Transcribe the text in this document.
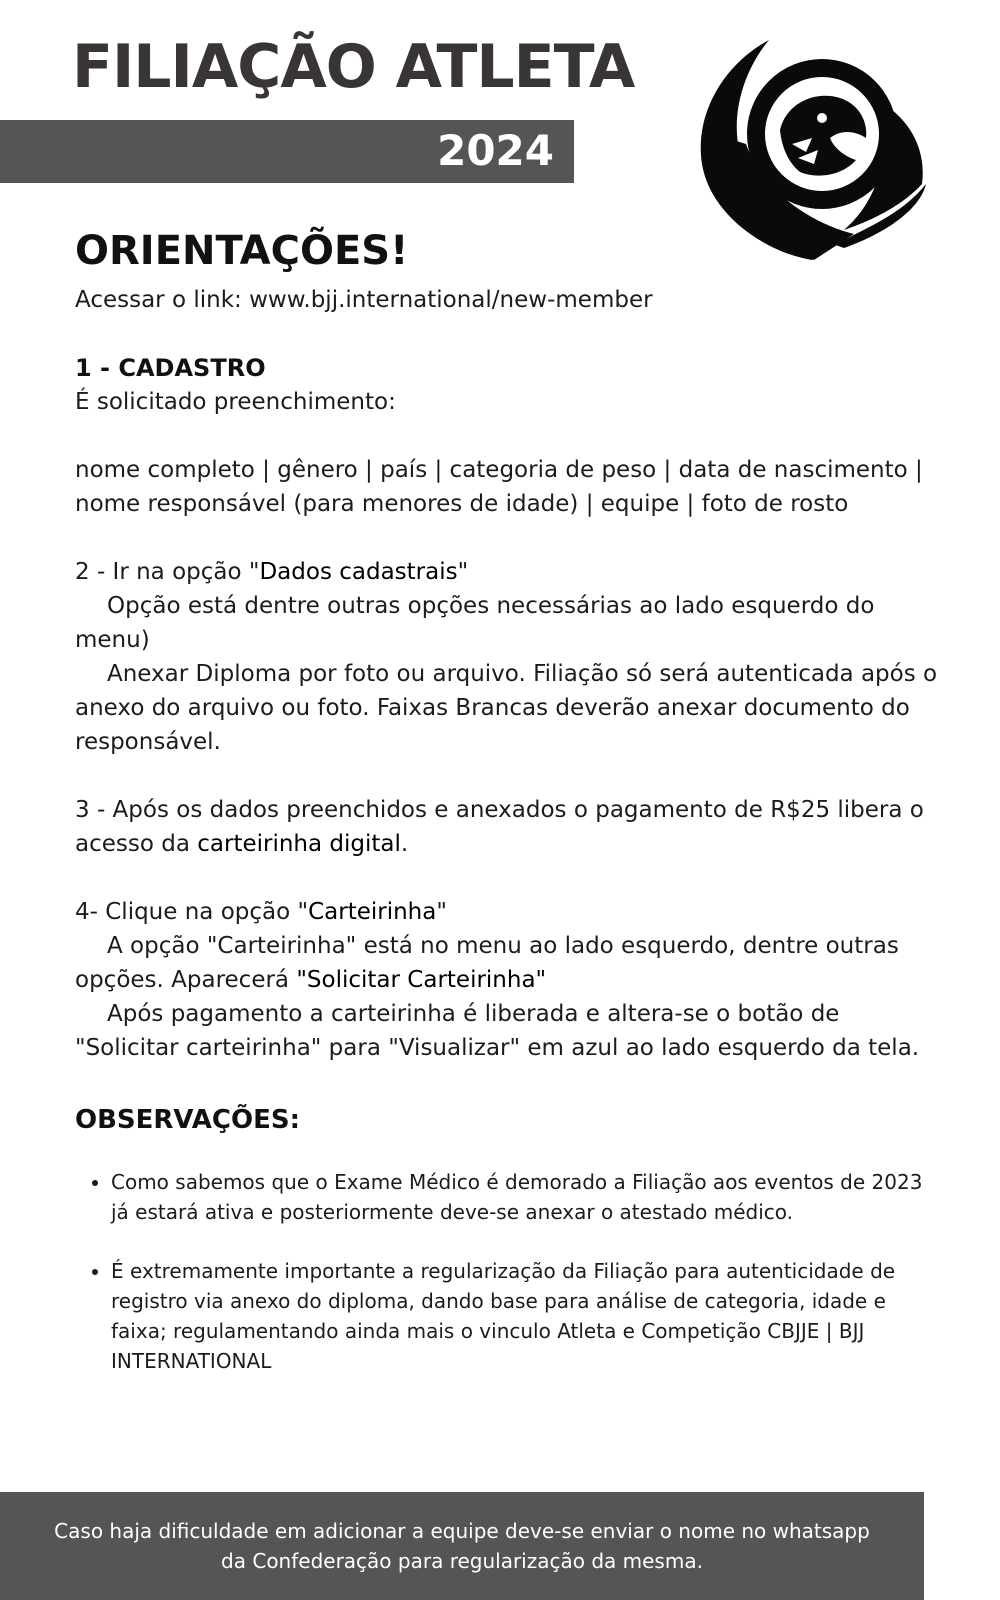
FILIAÇÃO ATLETA
2024
ORIENTAÇÕES!

Acessar o link: www.bjj.international/new-member

1 - CADASTRO

É solicitado preenchimento:

nome completo | gênero | país | categoria de peso | data de nascimento | nome responsável (para menores de idade) | equipe | foto de rosto

2 - Ir na opção "Dados cadastrais"

Opção está dentre outras opções necessárias ao lado esquerdo do menu)

Anexar Diploma por foto ou arquivo. Filiação só será autenticada após o anexo do arquivo ou foto. Faixas Brancas deverão anexar documento do responsável.

3 - Após os dados preenchidos e anexados o pagamento de R$25 libera o acesso da carteirinha digital.

4- Clique na opção "Carteirinha"

A opção "Carteirinha" está no menu ao lado esquerdo, dentre outras opções. Aparecerá "Solicitar Carteirinha"

Após pagamento a carteirinha é liberada e altera-se o botão de "Solicitar carteirinha" para "Visualizar" em azul ao lado esquerdo da tela.

OBSERVAÇÕES:
• Como sabemos que o Exame Médico é demorado a Filiação aos eventos de 2023 já estará ativa e posteriormente deve-se anexar o atestado médico.
• É extremamente importante a regularização da Filiação para autenticidade de registro via anexo do diploma, dando base para análise de categoria, idade e faixa; regulamentando ainda mais o vinculo Atleta e Competição CBJJE | BJJ INTERNATIONAL
Caso haja dificuldade em adicionar a equipe deve-se enviar o nome no whatsapp da Confederação para regularização da mesma.
